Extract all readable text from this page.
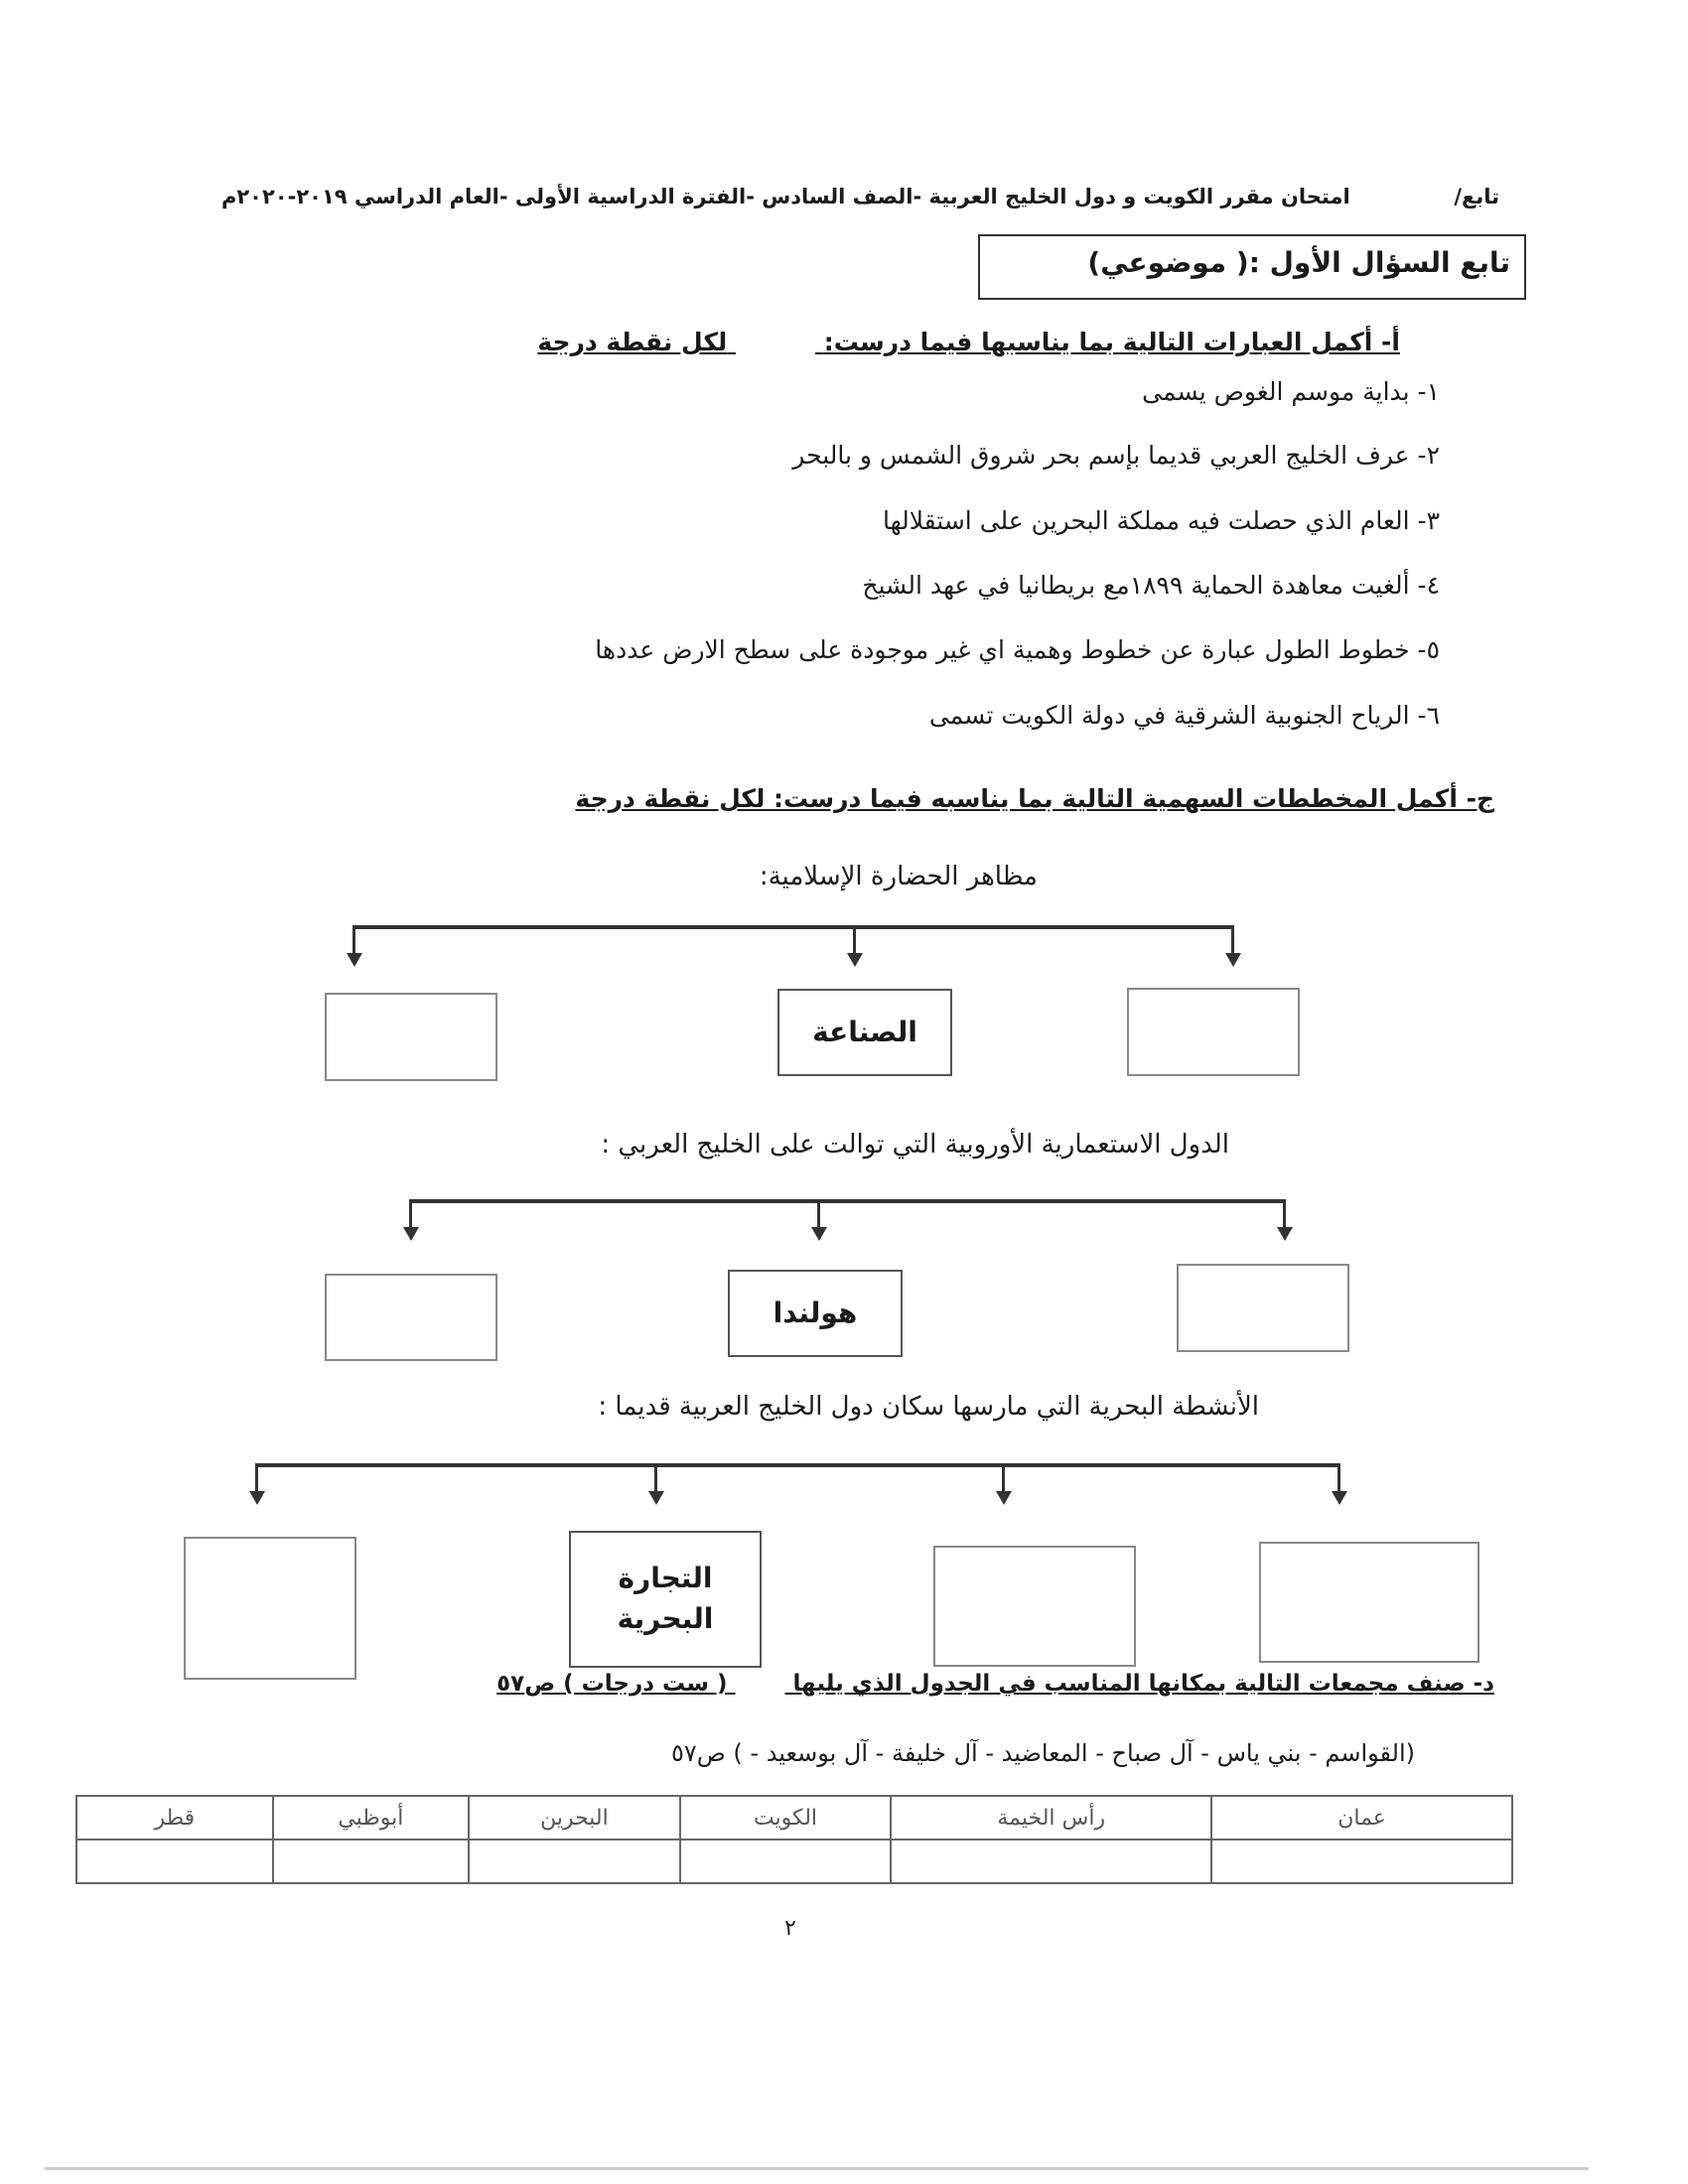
تابع/  امتحان مقرر الكويت و دول الخليج العربية -الصف السادس -الفترة الدراسية الأولى -العام الدراسي ٢٠١٩-٢٠٢٠م
تابع السؤال الأول :( موضوعي)
أ- أكمل العبارات التالية بما يناسبها فيما درست:  لكل نقطة درجة
١- بداية موسم الغوص يسمى
٢- عرف الخليج العربي قديما بإسم بحر شروق الشمس و بالبحر
٣- العام الذي حصلت فيه مملكة البحرين على استقلالها
٤- ألغيت معاهدة الحماية ١٨٩٩مع بريطانيا في عهد الشيخ
٥- خطوط الطول عبارة عن خطوط وهمية اي غير موجودة على سطح الارض عددها
٦- الرياح الجنوبية الشرقية في دولة الكويت تسمى
ج- أكمل المخططات السهمية التالية بما يناسبه فيما درست: لكل نقطة درجة
مظاهر الحضارة الإسلامية:
الصناعة
الدول الاستعمارية الأوروبية التي توالت على الخليج العربي :
هولندا
الأنشطة البحرية التي مارسها سكان دول الخليج العربية قديما :
التجارة البحرية
د- صنف مجمعات التالية بمكانها المناسب في الجدول الذي يليها  ( ست درجات ) ص٥٧
(القواسم - بني ياس - آل صباح - المعاضيد - آل خليفة - آل بوسعيد - ) ص٥٧
عمان	رأس الخيمة	الكويت	البحرين	أبوظبي	قطر

٢
